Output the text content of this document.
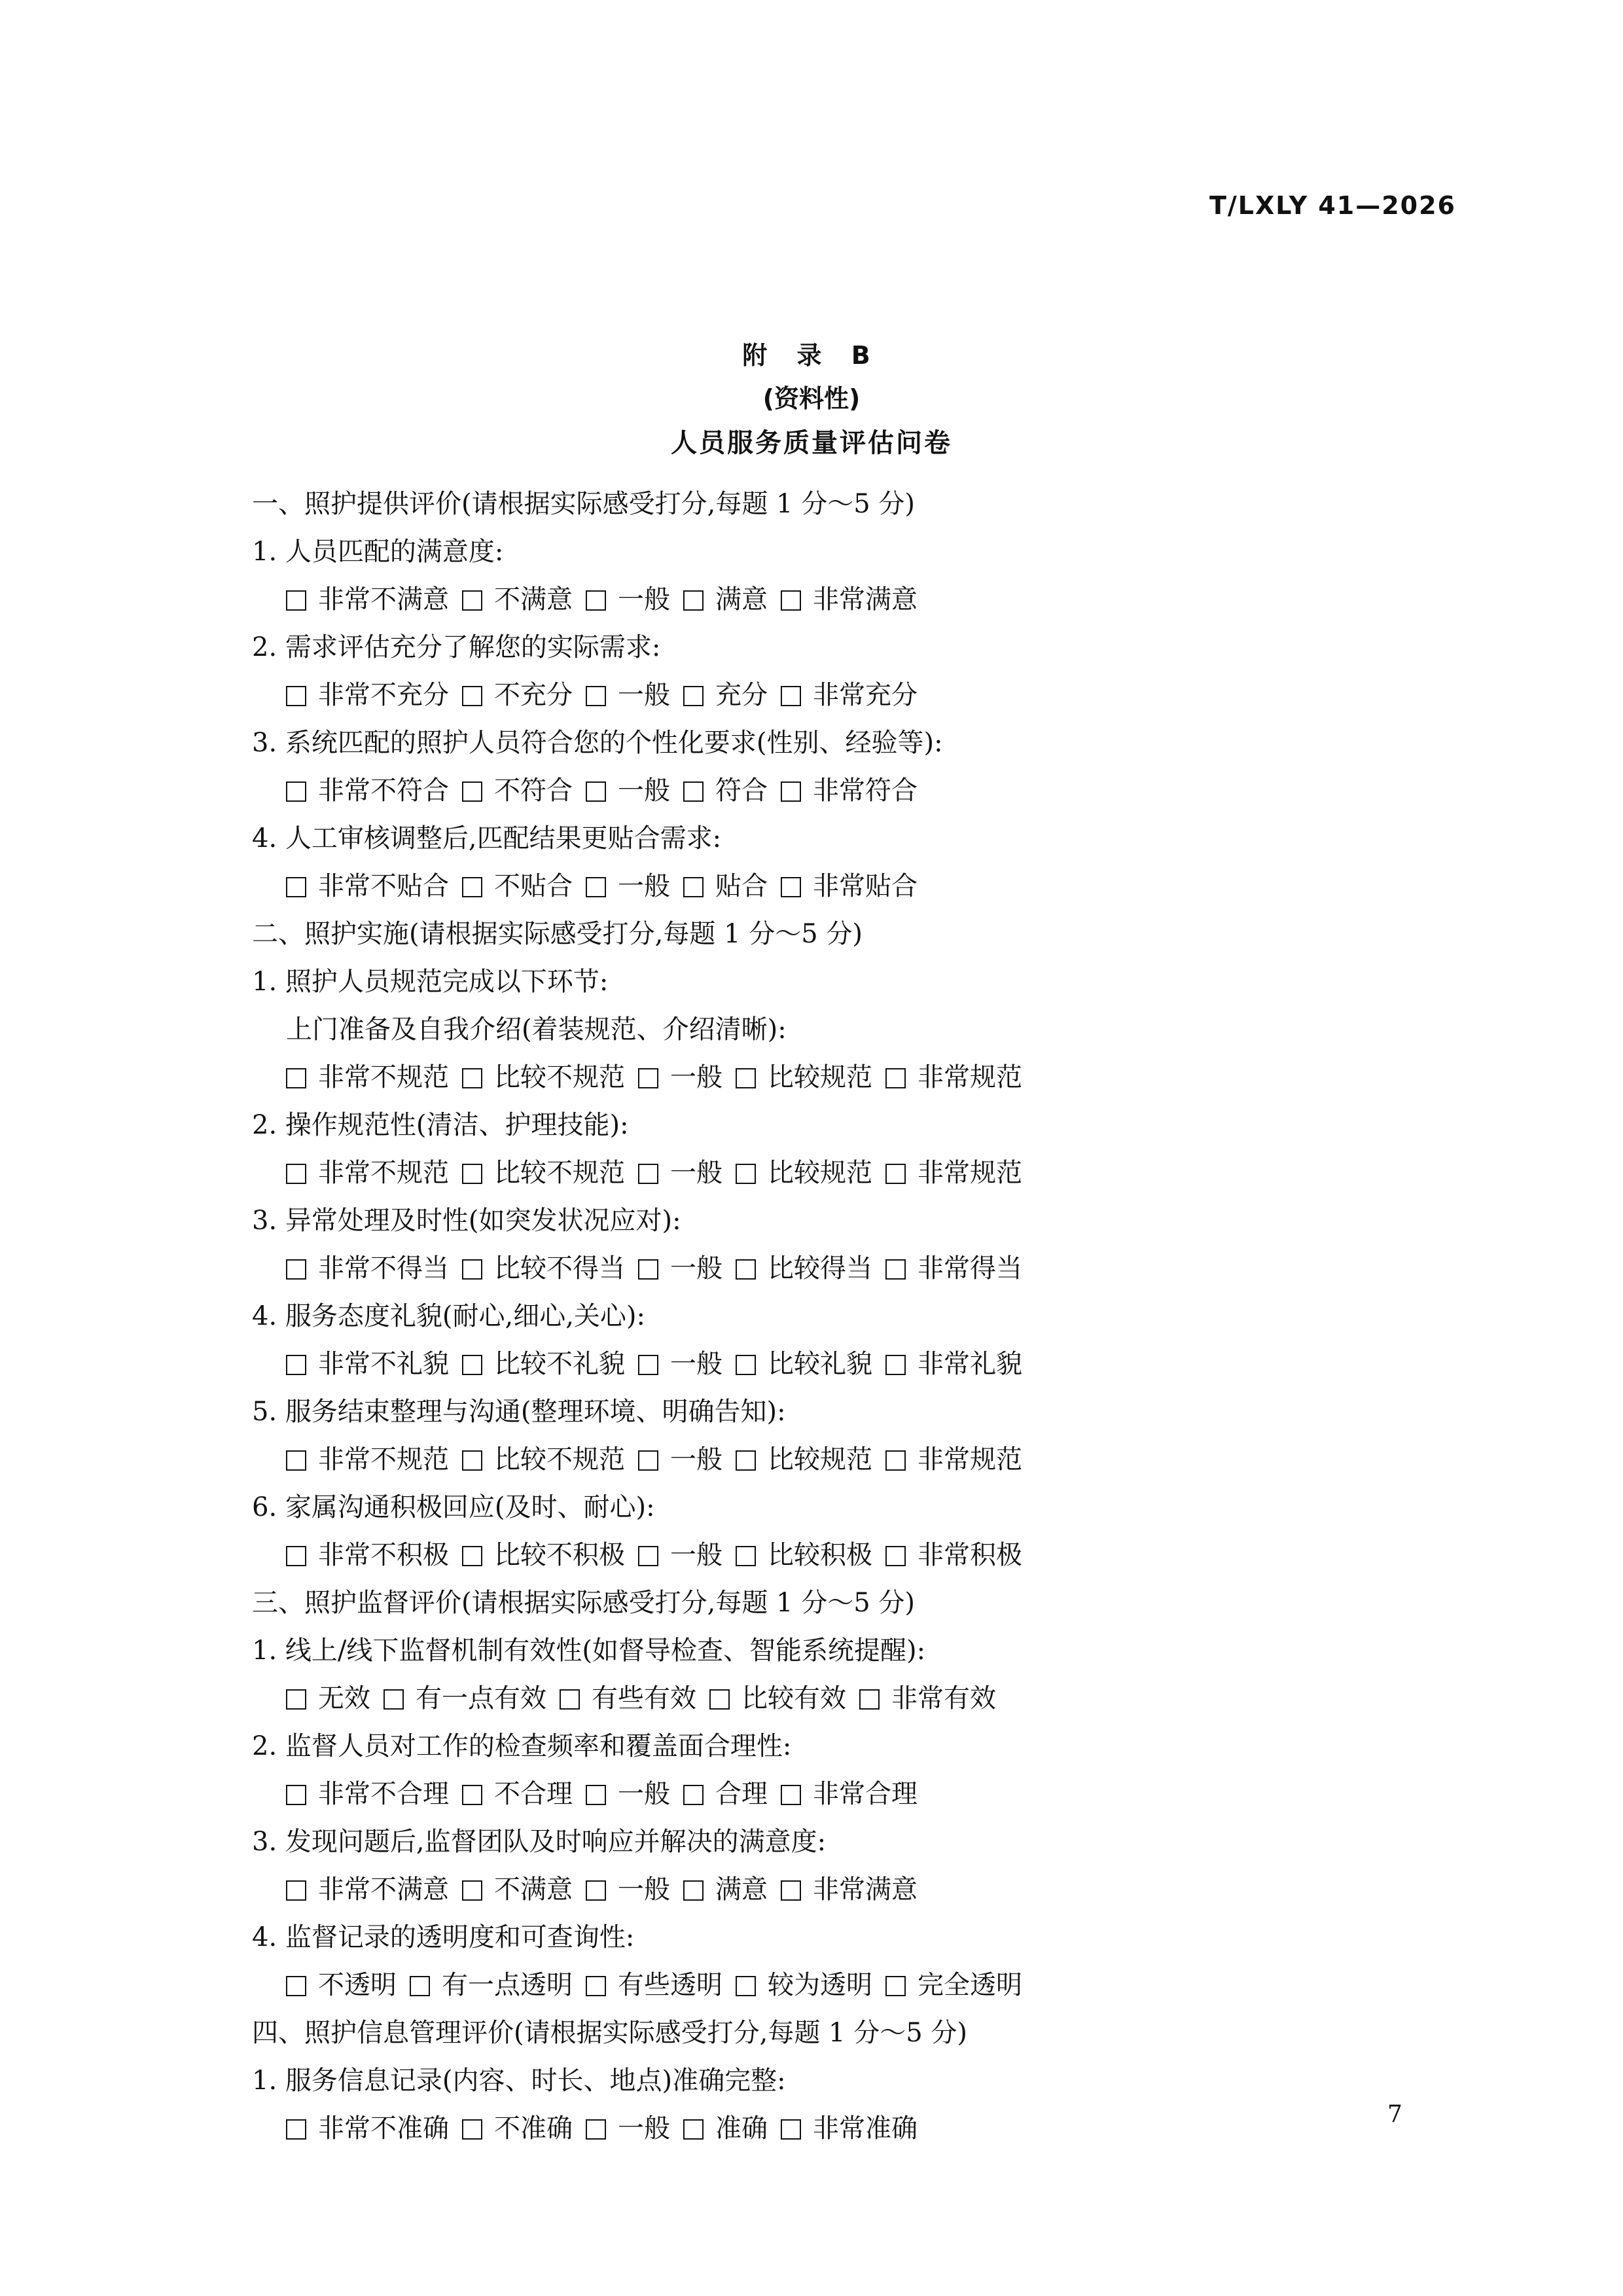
T/LXLY 41—2026
附 录 B
(资料性)
人员服务质量评估问卷
一、照护提供评价(请根据实际感受打分,每题 1 分～5 分)
1. 人员匹配的满意度:
非常不满意 不满意 一般 满意 非常满意
2. 需求评估充分了解您的实际需求:
非常不充分 不充分 一般 充分 非常充分
3. 系统匹配的照护人员符合您的个性化要求(性别、经验等):
非常不符合 不符合 一般 符合 非常符合
4. 人工审核调整后,匹配结果更贴合需求:
非常不贴合 不贴合 一般 贴合 非常贴合
二、照护实施(请根据实际感受打分,每题 1 分～5 分)
1. 照护人员规范完成以下环节:
上门准备及自我介绍(着装规范、介绍清晰):
非常不规范 比较不规范 一般 比较规范 非常规范
2. 操作规范性(清洁、护理技能):
非常不规范 比较不规范 一般 比较规范 非常规范
3. 异常处理及时性(如突发状况应对):
非常不得当 比较不得当 一般 比较得当 非常得当
4. 服务态度礼貌(耐心,细心,关心):
非常不礼貌 比较不礼貌 一般 比较礼貌 非常礼貌
5. 服务结束整理与沟通(整理环境、明确告知):
非常不规范 比较不规范 一般 比较规范 非常规范
6. 家属沟通积极回应(及时、耐心):
非常不积极 比较不积极 一般 比较积极 非常积极
三、照护监督评价(请根据实际感受打分,每题 1 分～5 分)
1. 线上/线下监督机制有效性(如督导检查、智能系统提醒):
无效 有一点有效 有些有效 比较有效 非常有效
2. 监督人员对工作的检查频率和覆盖面合理性:
非常不合理 不合理 一般 合理 非常合理
3. 发现问题后,监督团队及时响应并解决的满意度:
非常不满意 不满意 一般 满意 非常满意
4. 监督记录的透明度和可查询性:
不透明 有一点透明 有些透明 较为透明 完全透明
四、照护信息管理评价(请根据实际感受打分,每题 1 分～5 分)
1. 服务信息记录(内容、时长、地点)准确完整:
非常不准确 不准确 一般 准确 非常准确	7
